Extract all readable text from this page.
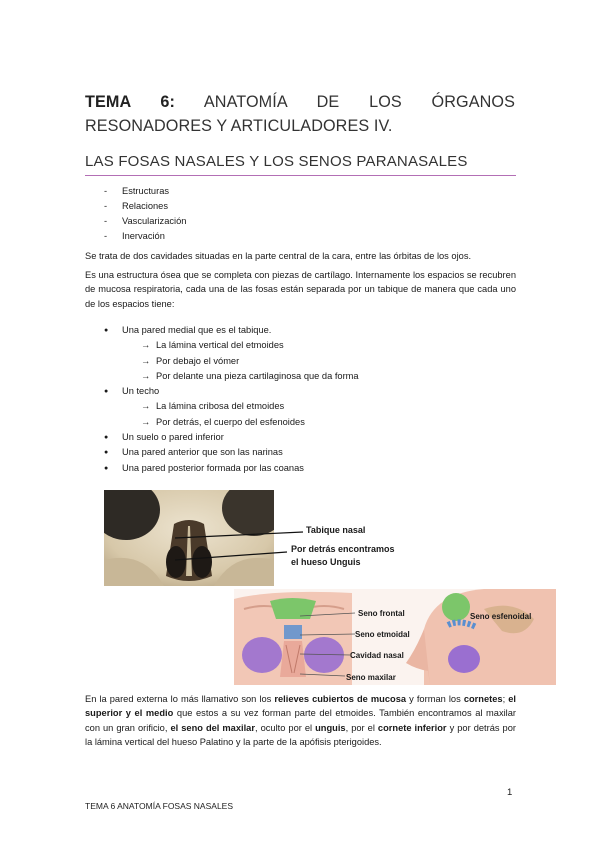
TEMA 6: ANATOMÍA DE LOS ÓRGANOS RESONADORES Y ARTICULADORES IV.
LAS FOSAS NASALES Y LOS SENOS PARANASALES
- Estructuras
- Relaciones
- Vascularización
- Inervación

Se trata de dos cavidades situadas en la parte central de la cara, entre las órbitas de los ojos.

Es una estructura ósea que se completa con piezas de cartílago. Internamente los espacios se recubren de mucosa respiratoria, cada una de las fosas están separada por un tabique de manera que cada uno de los espacios tiene:

● Una pared medial que es el tabique.
→ La lámina vertical del etmoides
→ Por debajo el vómer
→ Por delante una pieza cartilaginosa que da forma
● Un techo
→ La lámina cribosa del etmoides
→ Por detrás, el cuerpo del esfenoides
● Un suelo o pared inferior
● Una pared anterior que son las narinas
● Una pared posterior formada por las coanas
Tabique nasal
Por detrás encontramos
el hueso Unguis
Seno frontal
Seno etmoidal
Cavidad nasal
Seno maxilar
Seno esfenoidal

En la pared externa lo más llamativo son los relieves cubiertos de mucosa y forman los cornetes; el superior y el medio que estos a su vez forman parte del etmoides. También encontramos al maxilar con un gran orificio, el seno del maxilar, oculto por el unguis, por el cornete inferior y por detrás por la lámina vertical del hueso Palatino y la parte de la apófisis pterigoides.

1
TEMA 6 ANATOMÍA FOSAS NASALES
